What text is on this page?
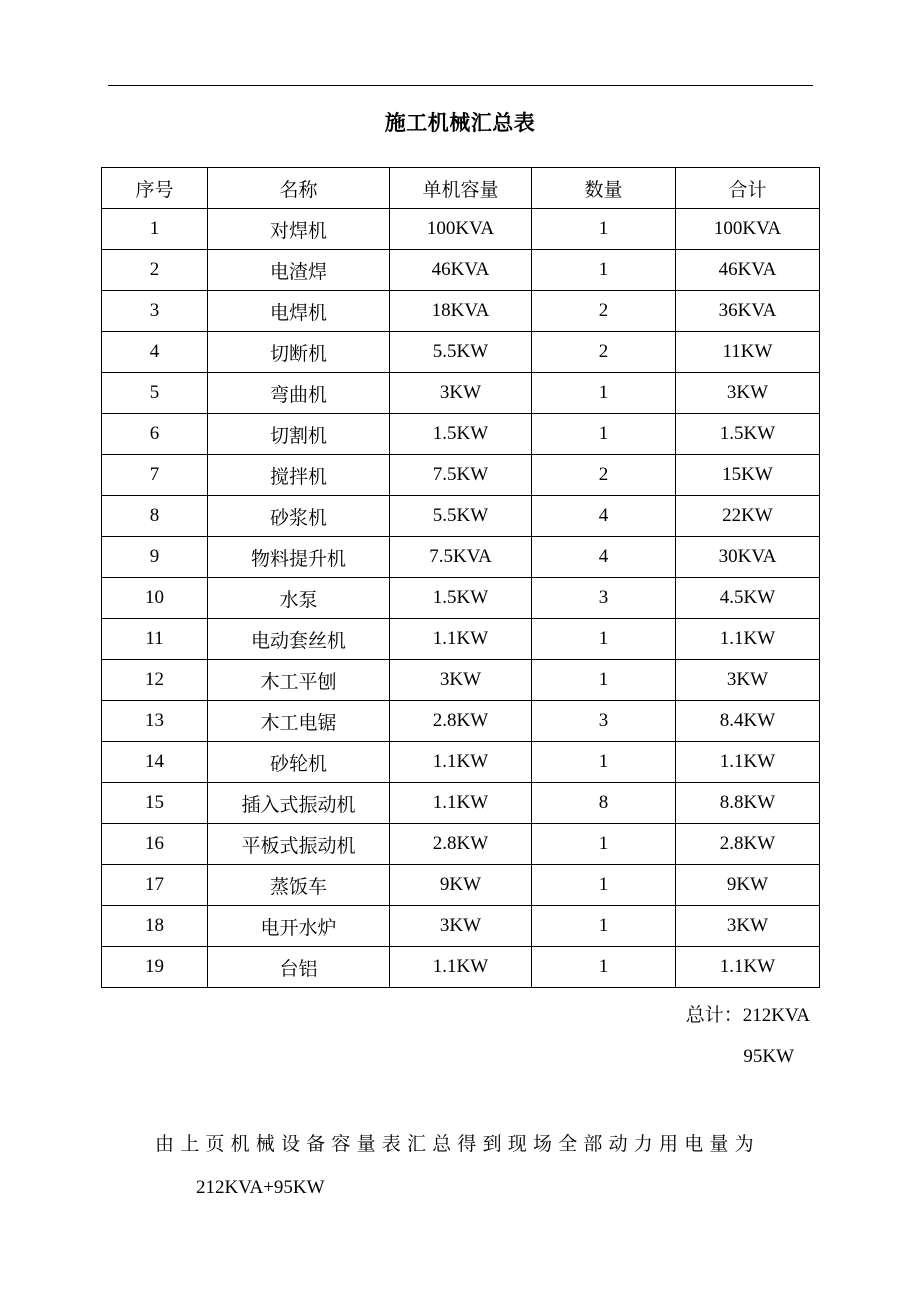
施工机械汇总表
序号	名称	单机容量	数量	合计
1	对焊机	100KVA	1	100KVA
2	电渣焊	46KVA	1	46KVA
3	电焊机	18KVA	2	36KVA
4	切断机	5.5KW	2	11KW
5	弯曲机	3KW	1	3KW
6	切割机	1.5KW	1	1.5KW
7	搅拌机	7.5KW	2	15KW
8	砂浆机	5.5KW	4	22KW
9	物料提升机	7.5KVA	4	30KVA
10	水泵	1.5KW	3	4.5KW
11	电动套丝机	1.1KW	1	1.1KW
12	木工平刨	3KW	1	3KW
13	木工电锯	2.8KW	3	8.4KW
14	砂轮机	1.1KW	1	1.1KW
15	插入式振动机	1.1KW	8	8.8KW
16	平板式振动机	2.8KW	1	2.8KW
17	蒸饭车	9KW	1	9KW
18	电开水炉	3KW	1	3KW
19	台铝	1.1KW	1	1.1KW
总计：212KVA
95KW
由上页机械设备容量表汇总得到现场全部动力用电量为
212KVA+95KW
